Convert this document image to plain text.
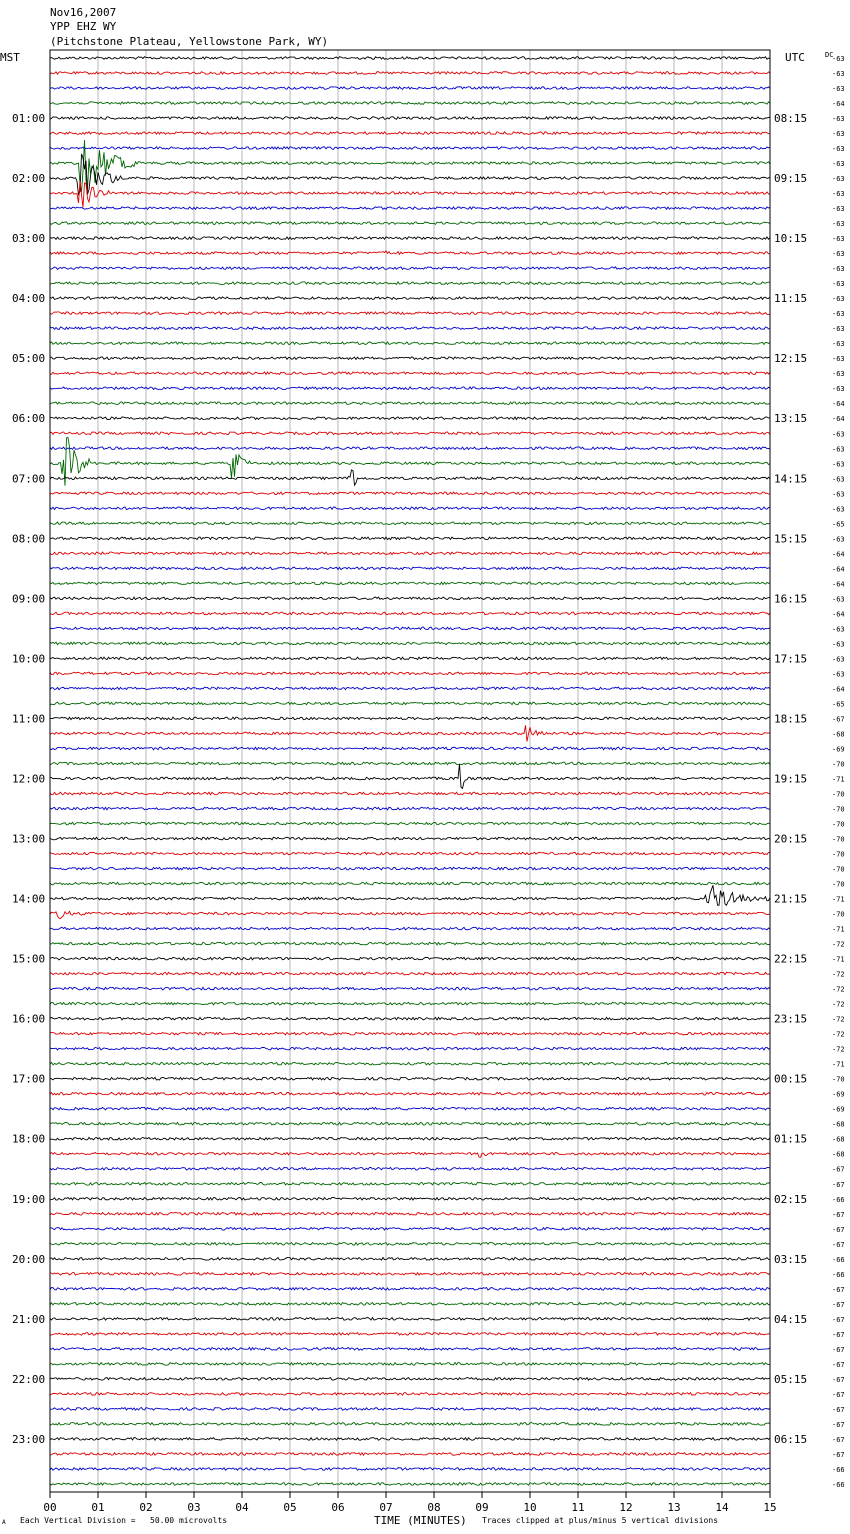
Nov16,2007
YPP EHZ WY
(Pitchstone Plateau, Yellowstone Park, WY)
MST	UTC	DC
01:00
02:00
03:00
04:00
05:00
06:00
07:00
08:00
09:00
10:00
11:00
12:00
13:00
14:00
15:00
16:00
17:00
18:00
19:00
20:00
21:00
22:00
23:00
08:15
09:15
10:15
11:15
12:15
13:15
14:15
15:15
16:15
17:15
18:15
19:15
20:15
21:15
22:15
23:15
00:15
01:15
02:15
03:15
04:15
05:15
06:15
-63
-63
-63
-64
-63
-63
-63
-63
-63
-63
-63
-63
-63
-63
-63
-63
-63
-63
-63
-63
-63
-63
-63
-64
-64
-63
-63
-63
-63
-63
-63
-65
-63
-64
-64
-64
-63
-64
-63
-63
-63
-63
-64
-65
-67
-68
-69
-70
-71
-70
-70
-70
-70
-70
-70
-70
-71
-70
-71
-72
-71
-72
-72
-72
-72
-72
-72
-71
-70
-69
-69
-68
-68
-68
-67
-67
-66
-67
-67
-67
-66
-66
-67
-67
-67
-67
-67
-67
-67
-67
-67
-67
-67
-67
-66
-66
00	01	02	03	04	05	06	07	08	09	10	11	12	13	14	15
A Each Vertical Division =   50.00 microvolts	TIME (MINUTES) Traces clipped at plus/minus 5 vertical divisions
